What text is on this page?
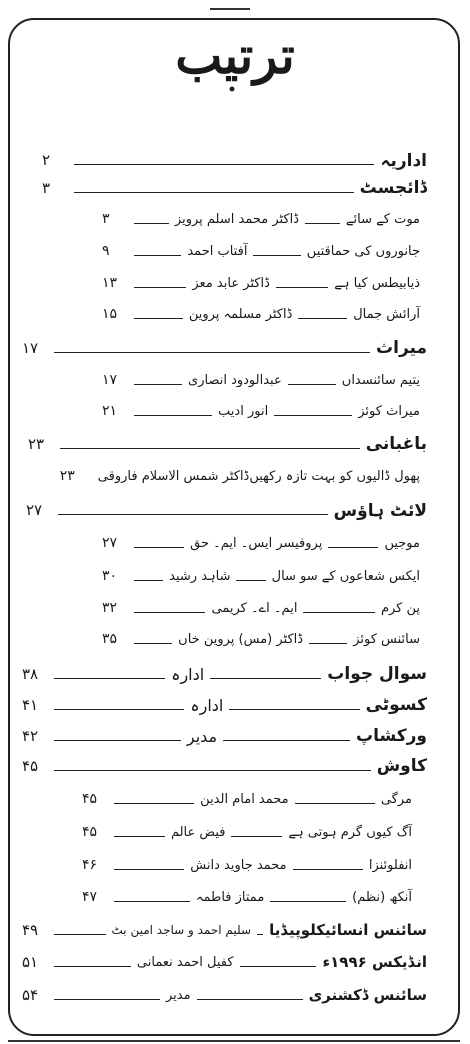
ترتیب
اداریہ
۲
ڈائجسٹ
۳
موت کے سائے
ڈاکٹر محمد اسلم پرویز
۳
جانوروں کی حماقتیں
آفتاب احمد
۹
ذیابیطس کیا ہے
ڈاکٹر عابد معز
۱۳
آرائش جمال
ڈاکٹر مسلمہ پروین
۱۵
میراث
۱۷
یتیم سائنسداں
عبدالودود انصاری
۱۷
میراث کوئز
انور ادیب
۲۱
باغبانی
۲۳
پھول ڈالیوں کو بہت تازہ رکھیں
ڈاکٹر شمس الاسلام فاروقی
۲۳
لائٹ ہاؤس
۲۷
موجیں
پروفیسر ایس۔ ایم۔ حق
۲۷
ایکس شعاعوں کے سو سال
شاہد رشید
۳۰
پن کرم
ایم۔ اے۔ کریمی
۳۲
سائنس کوئز
ڈاکٹر (مس) پروین خاں
۳۵
سوال جواب
ادارہ
۳۸
کسوٹی
ادارہ
۴۱
ورکشاپ
مدیر
۴۲
کاوش
۴۵
مرگی
محمد امام الدین
۴۵
آگ کیوں گرم ہوتی ہے
فیض عالم
۴۵
انفلوئنزا
محمد جاوید دانش
۴۶
آنکھ (نظم)
ممتاز فاطمہ
۴۷
سائنس انسائیکلوپیڈیا
سلیم احمد و ساجد امین بٹ
۴۹
انڈیکس ۱۹۹۶ء
کفیل احمد نعمانی
۵۱
سائنس ڈکشنری
مدیر
۵۴
